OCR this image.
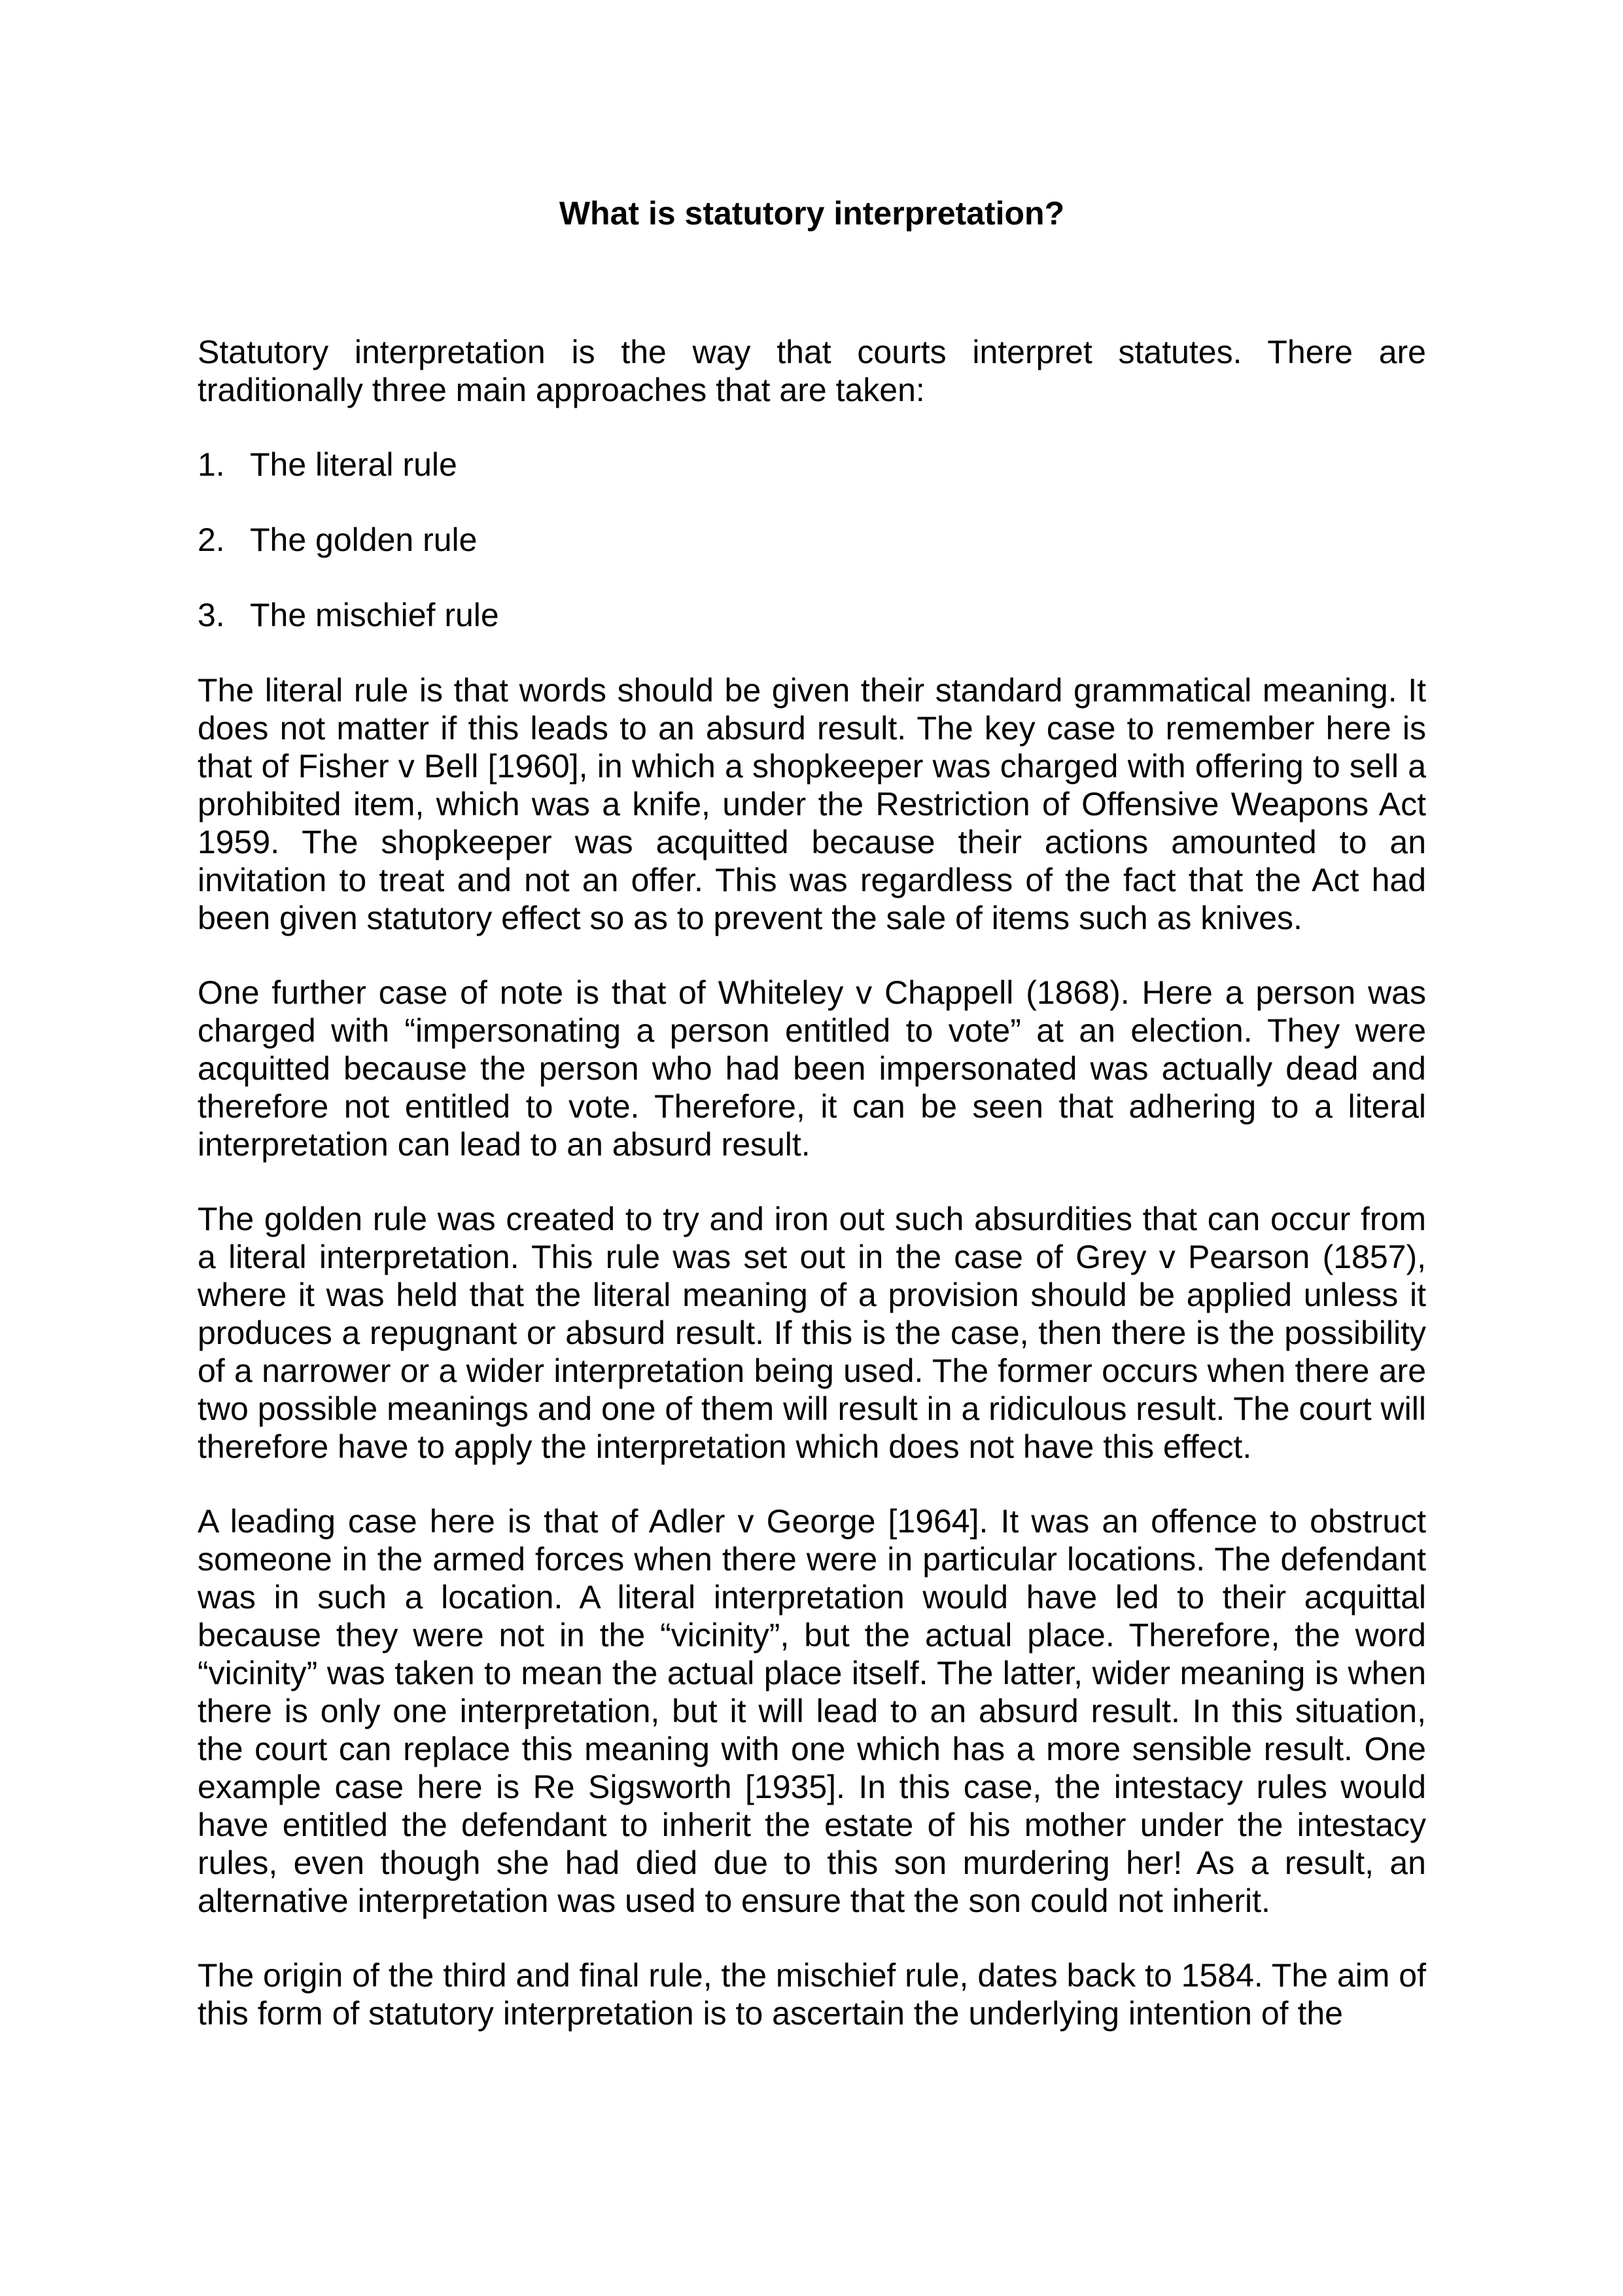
What is statutory interpretation?

Statutory interpretation is the way that courts interpret statutes. There are traditionally three main approaches that are taken:

1. The literal rule
2. The golden rule
3. The mischief rule

The literal rule is that words should be given their standard grammatical meaning. It does not matter if this leads to an absurd result. The key case to remember here is that of Fisher v Bell [1960], in which a shopkeeper was charged with offering to sell a prohibited item, which was a knife, under the Restriction of Offensive Weapons Act 1959. The shopkeeper was acquitted because their actions amounted to an invitation to treat and not an offer. This was regardless of the fact that the Act had been given statutory effect so as to prevent the sale of items such as knives.

One further case of note is that of Whiteley v Chappell (1868). Here a person was charged with “impersonating a person entitled to vote” at an election. They were acquitted because the person who had been impersonated was actually dead and therefore not entitled to vote. Therefore, it can be seen that adhering to a literal interpretation can lead to an absurd result.

The golden rule was created to try and iron out such absurdities that can occur from a literal interpretation. This rule was set out in the case of Grey v Pearson (1857), where it was held that the literal meaning of a provision should be applied unless it produces a repugnant or absurd result. If this is the case, then there is the possibility of a narrower or a wider interpretation being used. The former occurs when there are two possible meanings and one of them will result in a ridiculous result. The court will therefore have to apply the interpretation which does not have this effect.

A leading case here is that of Adler v George [1964]. It was an offence to obstruct someone in the armed forces when there were in particular locations. The defendant was in such a location. A literal interpretation would have led to their acquittal because they were not in the “vicinity”, but the actual place. Therefore, the word “vicinity” was taken to mean the actual place itself. The latter, wider meaning is when there is only one interpretation, but it will lead to an absurd result. In this situation, the court can replace this meaning with one which has a more sensible result. One example case here is Re Sigsworth [1935]. In this case, the intestacy rules would have entitled the defendant to inherit the estate of his mother under the intestacy rules, even though she had died due to this son murdering her! As a result, an alternative interpretation was used to ensure that the son could not inherit.

The origin of the third and final rule, the mischief rule, dates back to 1584. The aim of this form of statutory interpretation is to ascertain the underlying intention of the
